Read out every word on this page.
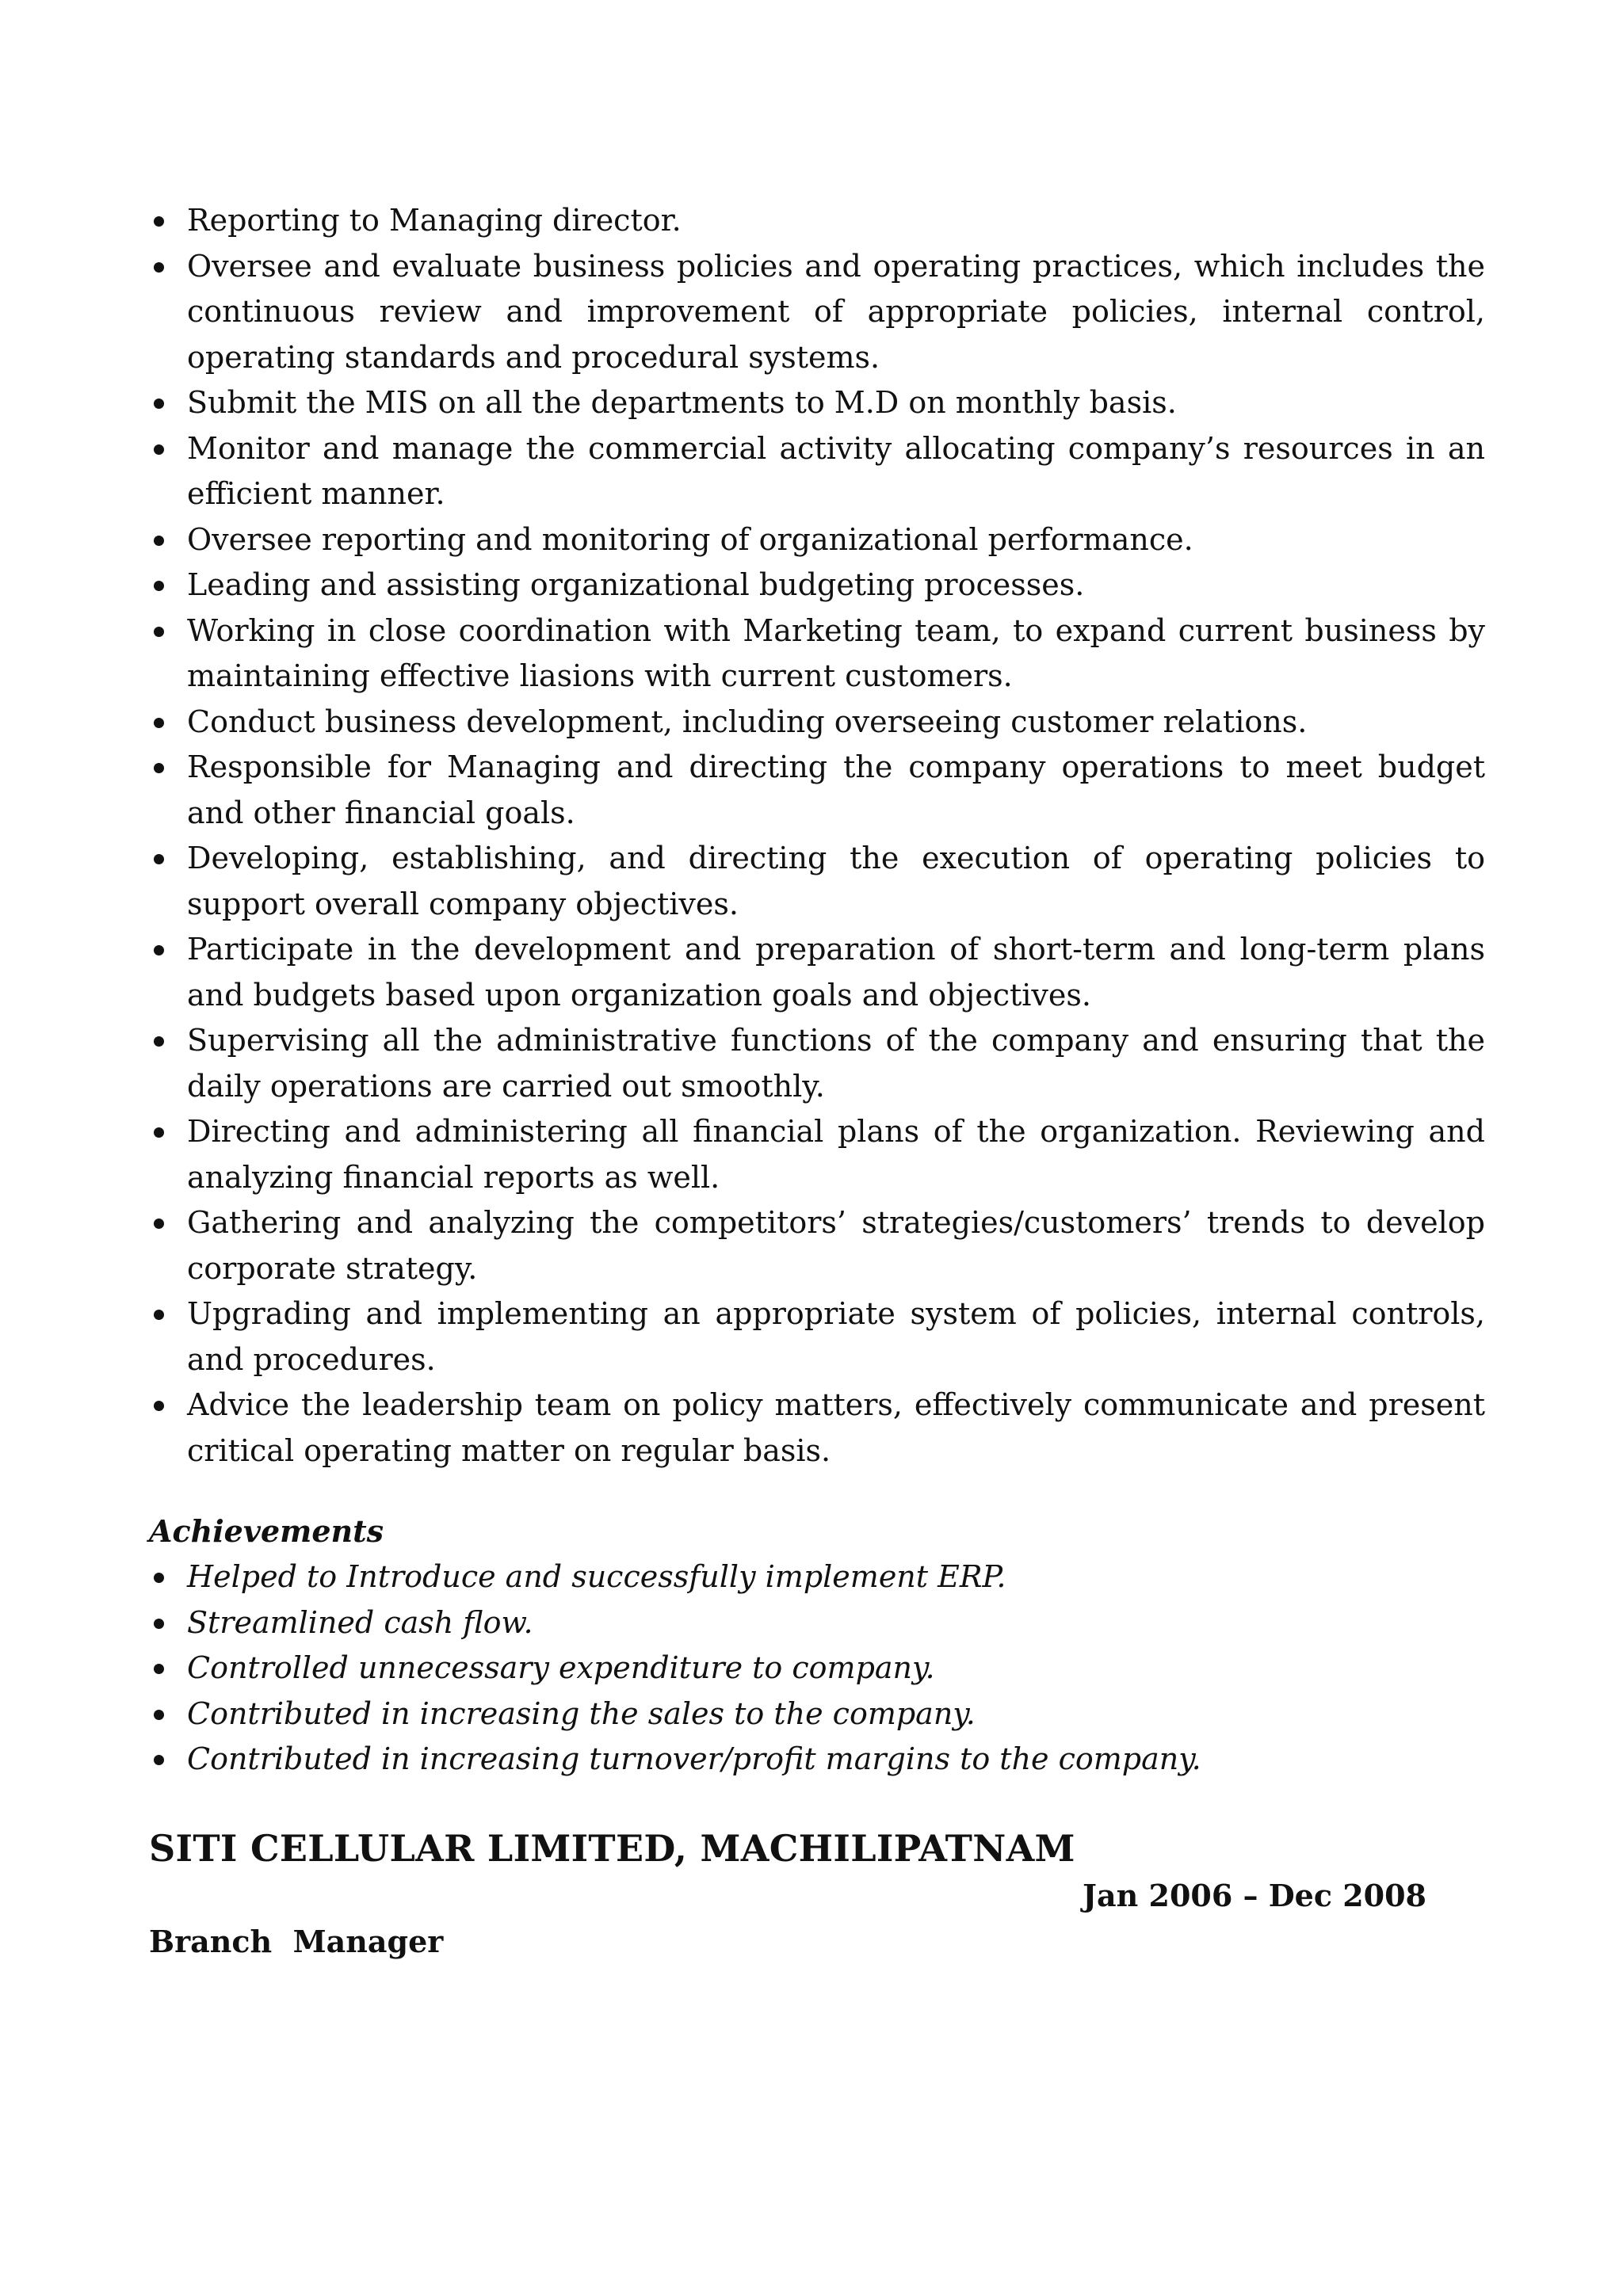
Reporting to Managing director.
Oversee and evaluate business policies and operating practices, which includes the continuous review and improvement of appropriate policies, internal control, operating standards and procedural systems.
Submit the MIS on all the departments to M.D on monthly basis.
Monitor and manage the commercial activity allocating company’s resources in an efficient manner.
Oversee reporting and monitoring of organizational performance.
Leading and assisting organizational budgeting processes.
Working in close coordination with Marketing team, to expand current business by maintaining effective liasions with current customers.
Conduct business development, including overseeing customer relations.
Responsible for Managing and directing the company operations to meet budget and other financial goals.
Developing, establishing, and directing the execution of operating policies to support overall company objectives.
Participate in the development and preparation of short-term and long-term plans and budgets based upon organization goals and objectives.
Supervising all the administrative functions of the company and ensuring that the daily operations are carried out smoothly.
Directing and administering all financial plans of the organization. Reviewing and analyzing financial reports as well.
Gathering and analyzing the competitors’ strategies/customers’ trends to develop corporate strategy.
Upgrading and implementing an appropriate system of policies, internal controls, and procedures.
Advice the leadership team on policy matters, effectively communicate and present critical operating matter on regular basis.
Achievements
Helped to Introduce and successfully implement ERP.
Streamlined cash flow.
Controlled unnecessary expenditure to company.
Contributed in increasing the sales to the company.
Contributed in increasing turnover/profit margins to the company.
SITI CELLULAR LIMITED, MACHILIPATNAM
Jan 2006 – Dec 2008
Branch  Manager
